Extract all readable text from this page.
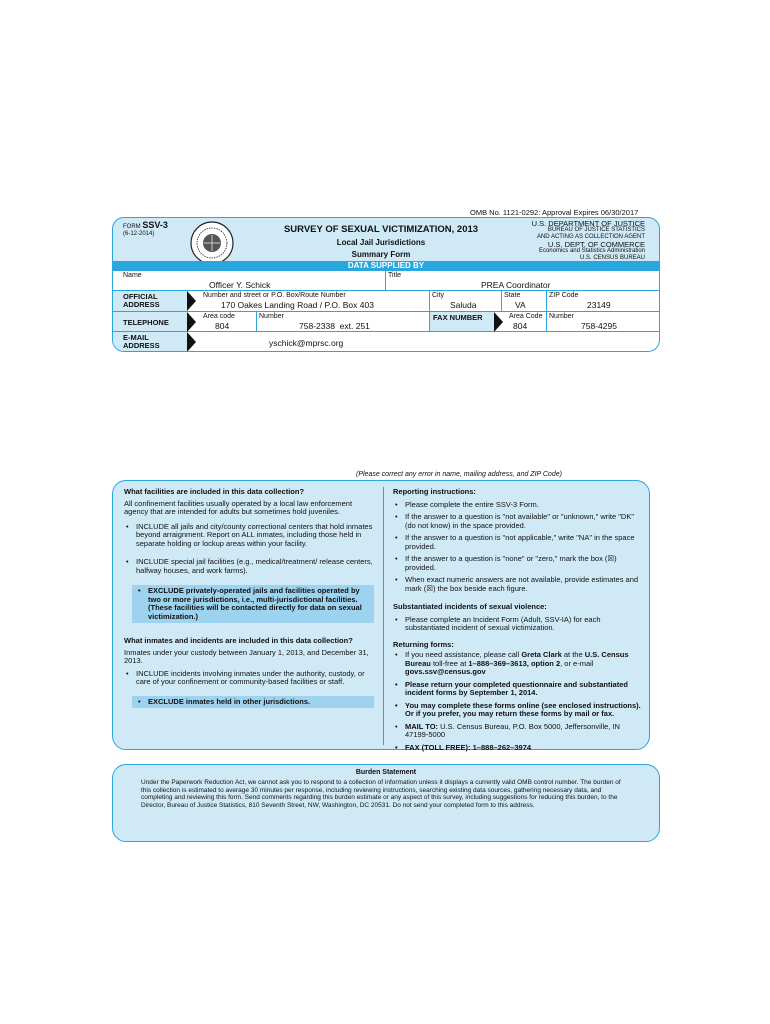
OMB No. 1121-0292: Approval Expires 06/30/2017
FORM SSV-3
(6-12-2014)	SURVEY OF SEXUAL VICTIMIZATION, 2013
Local Jail Jurisdictions
Summary Form
U.S. DEPARTMENT OF JUSTICE
BUREAU OF JUSTICE STATISTICS
AND ACTING AS COLLECTION AGENT
U.S. DEPT. OF COMMERCE
Economics and Statistics Administration
U.S. CENSUS BUREAU
DATA SUPPLIED BY
Name
Officer Y. Schick
Title
PREA Coordinator
OFFICIAL ADDRESS
Number and street or P.O. Box/Route Number
170 Oakes Landing Road / P.O. Box 403
City
Saluda
State
VA
ZIP Code
23149
TELEPHONE
Area code
804
Number
758-2338  ext. 251
FAX NUMBER	Area Code
804
Number
758-4295
E-MAIL ADDRESS	yschick@mprsc.org
(Please correct any error in name, mailing address, and ZIP Code)
What facilities are included in this data collection?

All confinement facilities usually operated by a local law enforcement agency that are intended for adults but sometimes hold juveniles.

• INCLUDE all jails and city/county correctional centers that hold inmates beyond arraignment. Report on ALL inmates, including those held in separate holding or lockup areas within your facility.
• INCLUDE special jail facilities (e.g., medical/treatment/ release centers, halfway houses, and work farms).
• EXCLUDE privately-operated jails and facilities operated by two or more jurisdictions, i.e., multi-jurisdictional facilities. (These facilities will be contacted directly for data on sexual victimization.)
What inmates and incidents are included in this data collection?

Inmates under your custody between January 1, 2013, and December 31, 2013.

• INCLUDE incidents involving inmates under the authority, custody, or care of your confinement or community-based facilities or staff.
• EXCLUDE inmates held in other jurisdictions.
Reporting instructions:
• Please complete the entire SSV-3 Form.
• If the answer to a question is "not available" or "unknown," write "DK" (do not know) in the space provided.
• If the answer to a question is "not applicable," write "NA" in the space provided.
• If the answer to a question is "none" or "zero," mark the box (☒) provided.
• When exact numeric answers are not available, provide estimates and mark (☒) the box beside each figure.
Substantiated incidents of sexual violence:
• Please complete an Incident Form (Adult, SSV-IA) for each substantiated incident of sexual victimization.
Returning forms:
• If you need assistance, please call Greta Clark at the U.S. Census Bureau toll-free at 1–888–369–3613, option 2, or e-mail govs.ssv@census.gov
• Please return your completed questionnaire and substantiated incident forms by September 1, 2014.
• You may complete these forms online (see enclosed instructions). Or if you prefer, you may return these forms by mail or fax.
• MAIL TO: U.S. Census Bureau, P.O. Box 5000, Jeffersonville, IN 47199-5000
• FAX (TOLL FREE): 1–888–262–3974
Burden Statement

Under the Paperwork Reduction Act, we cannot ask you to respond to a collection of information unless it displays a currently valid OMB control number. The burden of this collection is estimated to average 30 minutes per response, including reviewing instructions, searching existing data sources, gathering necessary data, and completing and reviewing this form. Send comments regarding this burden estimate or any aspect of this survey, including suggestions for reducing this burden, to the Director, Bureau of Justice Statistics, 810 Seventh Street, NW, Washington, DC 20531. Do not send your completed form to this address.
